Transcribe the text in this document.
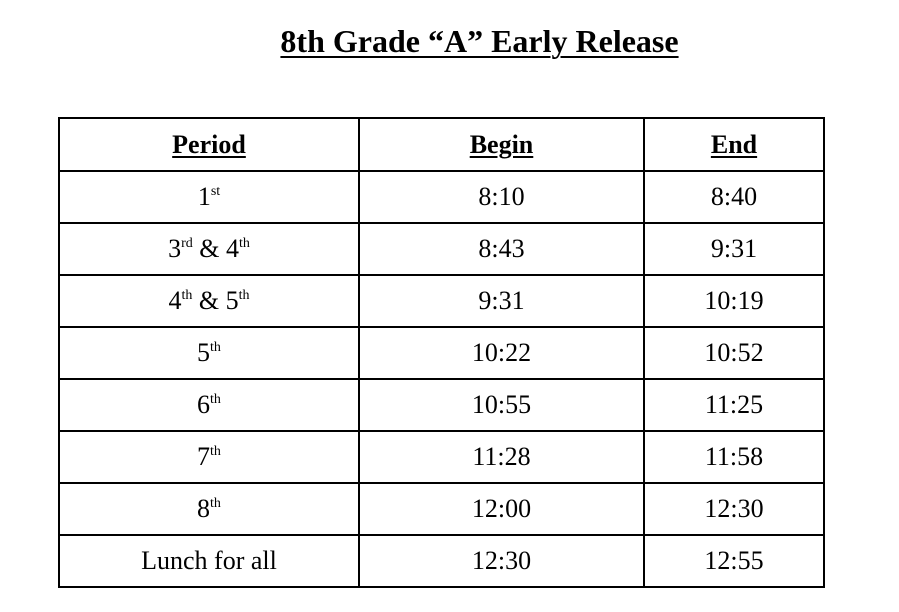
8th Grade “A” Early Release
Period	Begin	End
1st	8:10	8:40
3rd & 4th	8:43	9:31
4th & 5th	9:31	10:19
5th	10:22	10:52
6th	10:55	11:25
7th	11:28	11:58
8th	12:00	12:30
Lunch for all	12:30	12:55
